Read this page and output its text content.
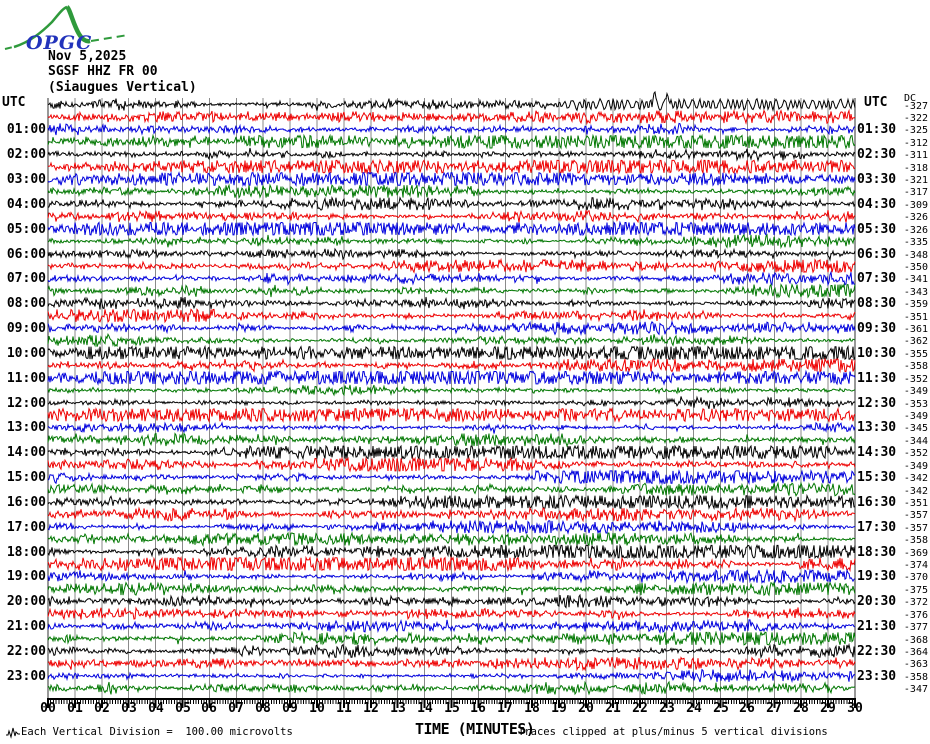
OPGC
Nov 5,2025
SGSF HHZ FR 00
(Siaugues Vertical)
UTC	UTC DC
Each Vertical Division =  100.00 microvolts	TIME (MINUTES)
Traces clipped at plus/minus 5 vertical divisions
01:00	01:30
02:00	02:30
03:00	03:30
04:00	04:30
05:00	05:30
06:00	06:30
07:00	07:30
08:00	08:30
09:00	09:30
10:00	10:30
11:00	11:30
12:00	12:30
13:00	13:30
14:00	14:30
15:00	15:30
16:00	16:30
17:00	17:30
18:00	18:30
19:00	19:30
20:00	20:30
21:00	21:30
22:00	22:30
23:00	23:30
-327
-322
-325
-312
-311
-318
-321
-317
-309
-326
-326
-335
-348
-350
-341
-343
-359
-351
-361
-362
-355
-358
-352
-349
-353
-349
-345
-344
-352
-349
-342
-342
-351
-357
-357
-358
-369
-374
-370
-375
-372
-376
-377
-368
-364
-363
-358
-347
00 01 02 03 04 05 06 07 08 09 10 11 12 13 14 15 16 17 18 19 20 21 22 23 24 25 26 27 28 29 30
